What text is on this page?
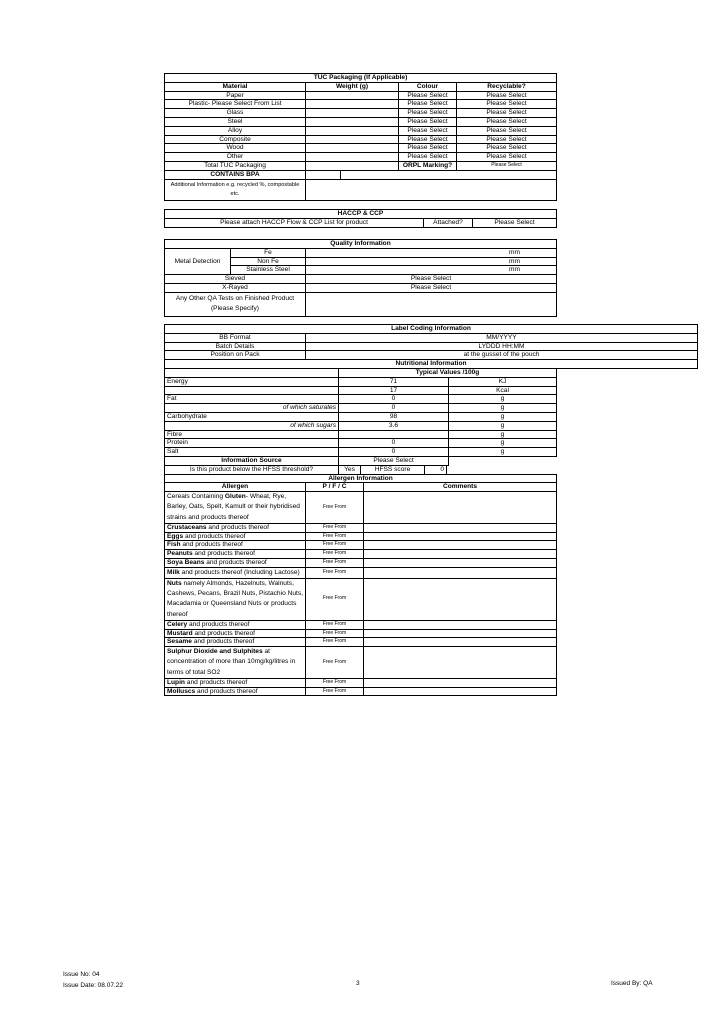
TUC Packaging (If Applicable)				
Material	Weight (g)		Colour	Recyclable?
Paper			Please Select	Please Select
Plastic- Please Select From List			Please Select	Please Select
Glass			Please Select	Please Select
Steel			Please Select	Please Select
Alloy			Please Select	Please Select
Composite			Please Select	Please Select
Wood			Please Select	Please Select
Other			Please Select	Please Select
Total TUC Packaging			ORPL Marking?	Please Select
CONTAINS BPA				
Additional Information e.g. recycled %, compostable etc.				
HACCP & CCP
Please attach HACCP Flow & CCP List for product	Attached?	Please Select
Quality Information		
Metal Detection	Fe	mm
	Non Fe	mm
	Stainless Steel	mm
Sieved		Please Select
X-Rayed		Please Select
Any Other QA Tests on Finished Product (Please Specify)		
Label Coding Information	
BB Format	MM/YYYY
Batch Details	LYDDD HH:MM
Position on Pack	at the gusset of the pouch
Nutritional Information	
		Typical Values /100g	
Energy		71	KJ
		17	Kcal
Fat		0	g
of which saturates		0	g
Carbohydrate		98	g
of which sugars		3.6	g
Fibre			g
Protein		0	g
Salt		0	g
Information Source		Please Select	
Is this product below the HFSS threshold?	Yes	HFSS score	0	
Allergen Information		
Allergen	P / F / C	Comments
Cereals Containing Gluten- Wheat, Rye, Barley, Oats, Spelt, Kamult or their hybridised strains and products thereof	Free From	
Crustaceans and products thereof	Free From	
Eggs and products thereof	Free From	
Fish and products thereof	Free From	
Peanuts and products thereof	Free From	
Soya Beans and products thereof	Free From	
Milk and products thereof (Including Lactose)	Free From	
Nuts namely Almonds, Hazelnuts, Walnuts, Cashews, Pecans, Brazil Nuts, Pistachio Nuts, Macadamia or Queensland Nuts or products thereof	Free From	
Celery and products thereof	Free From	
Mustard and products thereof	Free From	
Sesame and products thereof	Free From	
Sulphur Dioxide and Sulphites at concentration of more than 10mg/kg/litres in terms of total SO2	Free From	
Lupin and products thereof	Free From	
Molluscs and products thereof	Free From	
Issue No: 04
Issue Date: 08.07.22	3	Issued By: QA
